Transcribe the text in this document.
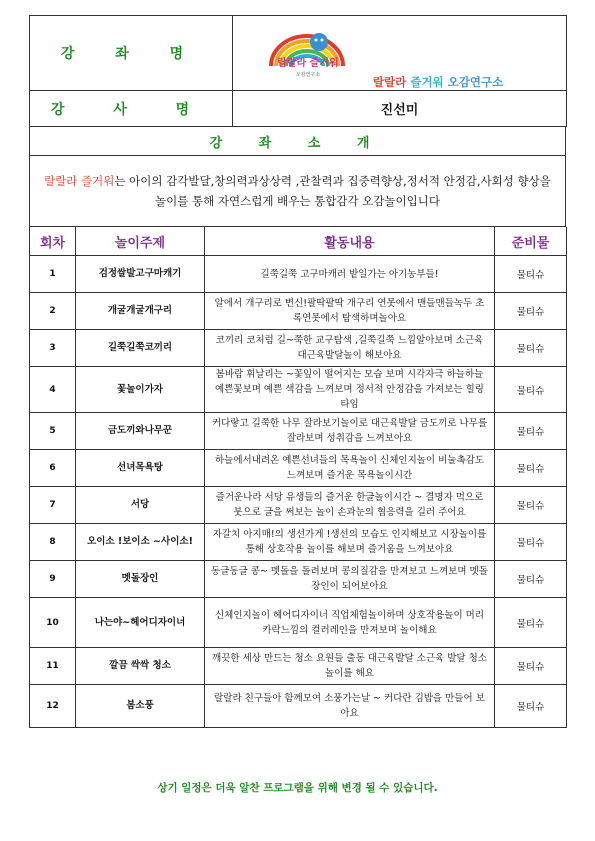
강 좌 명	랄랄라 즐거워
오감연구소 랄랄라 즐거워 오감연구소

강 사 명	진선미
강 좌 소 개
랄랄라 즐거워는 아이의 감각발달,창의력과상상력 ,관찰력과 집중력향상,정서적 안정감,사회성 향상을 놀이를 통해 자연스럽게 배우는 통합감각 오감놀이입니다
회차	놀이주제	활동내용	준비물
1	검정쌀발고구마캐기	길쭉길쭉 고구마캐러 밭일가는 아기농부들!	물티슈
2	개굴개굴개구리	알에서 개구리로 변신!팔딱팔딱 개구리 연못에서 맨들맨들녹두 초록연못에서 탐색하며놀아요	물티슈
3	길쭉길쭉코끼리	코끼리 코처럼 길~쭉한 교구탐색 ,길쭉길쭉 느낌알아보며 소근육 대근육발달놀이 해보아요	물티슈
4	꽃놀이가자	봄바람 휘날리는 ~꽃잎이 떨어지는 모습 보며 시각자극 하늘하늘 예쁜꽃보며 예쁜 색감을 느껴보며 정서적 안정감을 가져보는 힐링 타임	물티슈
5	금도끼와나무꾼	커다랗고 길쭉한 나무 잘라보기놀이로 대근육발달 금도끼로 나무를 잘라보며 성취감을 느껴보아요	물티슈
6	선녀목욕탕	하늘에서내려온 예쁜선녀들의 목욕놀이 신체인지놀이 비눌촉감도 느껴보며 즐거운 목욕놀이시간	물티슈
7	서당	즐거운나라 서당 유생들의 즐거운 한글놀이시간 ~ 결명자 먹으로 붓으로 글을 써보는 놀이 손과눈의 협응력을 길러 주어요	물티슈
8	오이소 !보이소 ~사이소!	자갈치 아지매!의 생선가게 !생선의 모습도 인지해보고 시장놀이를 통해 상호작용 놀이를 해보며 즐거움을 느껴보아요	물티슈
9	멧돌장인	동글동글 콩~ 멧돌을 돌려보며 콩의질감을 만져보고 느껴보며 멧돌 장인이 되어보아요	물티슈
10	나는야~헤어디자이너	신체인지놀이 헤어디자이너 직업체험놀이하며 상호작용놀이 머리카락느낌의 컬러레인을 만져보며 놀이해요	물티슈
11	깔끔 싹싹 청소	깨끗한 세상 만드는 청소 요원들 출동 대근육발달 소근육 발달 청소놀이를 해요	물티슈
12	봄소풍	랄랄라 친구들아 함께모여 소풍가는날 ~ 커다란 김밥을 만들어 보아요	물티슈
상기 일정은 더욱 알찬 프로그램을 위해 변경 될 수 있습니다.
